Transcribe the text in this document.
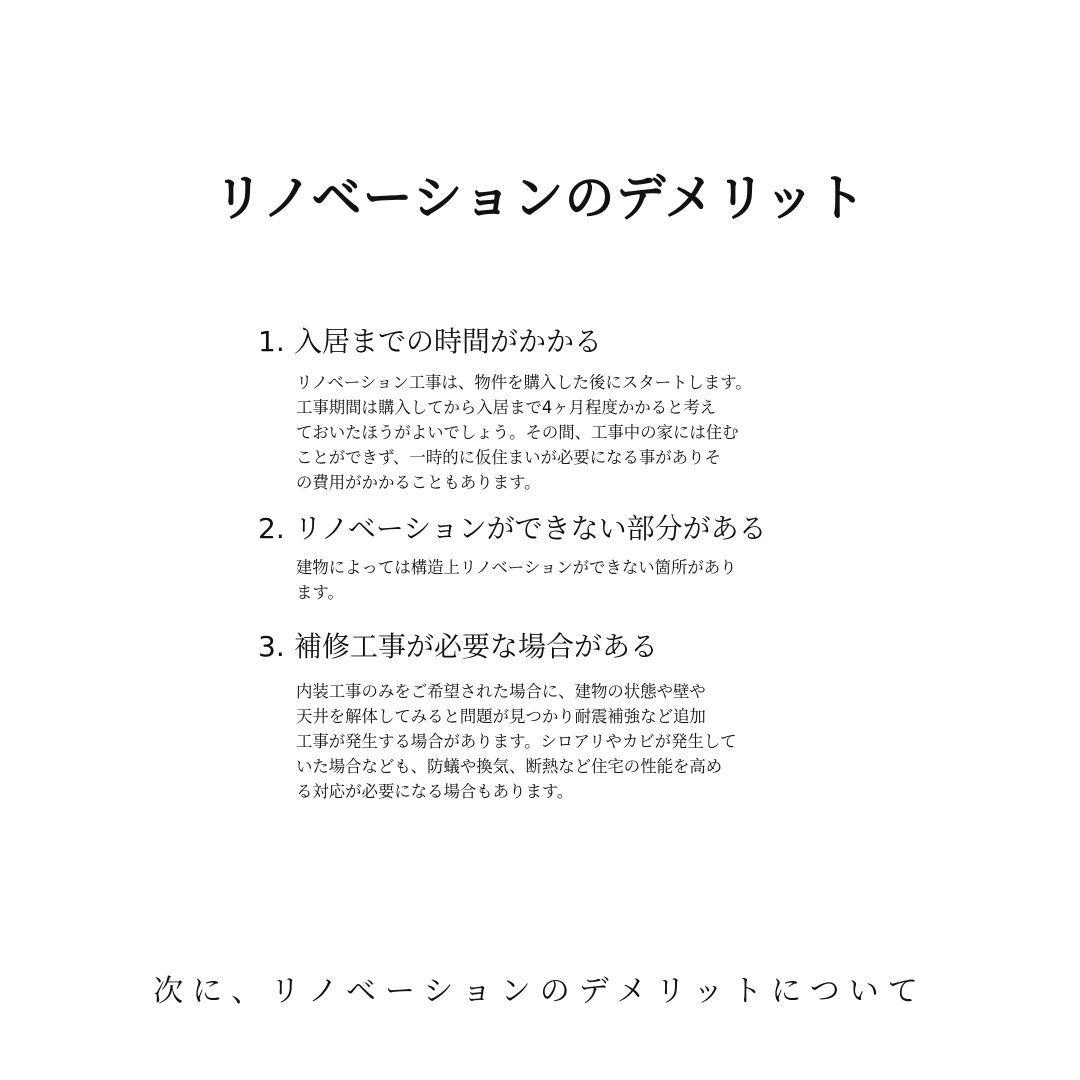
リノベーションのデメリット
1. 入居までの時間がかかる
リノベーション工事は、物件を購入した後にスタートします。
工事期間は購入してから入居まで4ヶ月程度かかると考え
ておいたほうがよいでしょう。その間、工事中の家には住む
ことができず、一時的に仮住まいが必要になる事がありそ
の費用がかかることもあります。
2. リノベーションができない部分がある
建物によっては構造上リノベーションができない箇所があり
ます。
3. 補修工事が必要な場合がある
内装工事のみをご希望された場合に、建物の状態や壁や
天井を解体してみると問題が見つかり耐震補強など追加
工事が発生する場合があります。シロアリやカビが発生して
いた場合なども、防蟻や換気、断熱など住宅の性能を高め
る対応が必要になる場合もあります。
次に、リノベーションのデメリットについて
